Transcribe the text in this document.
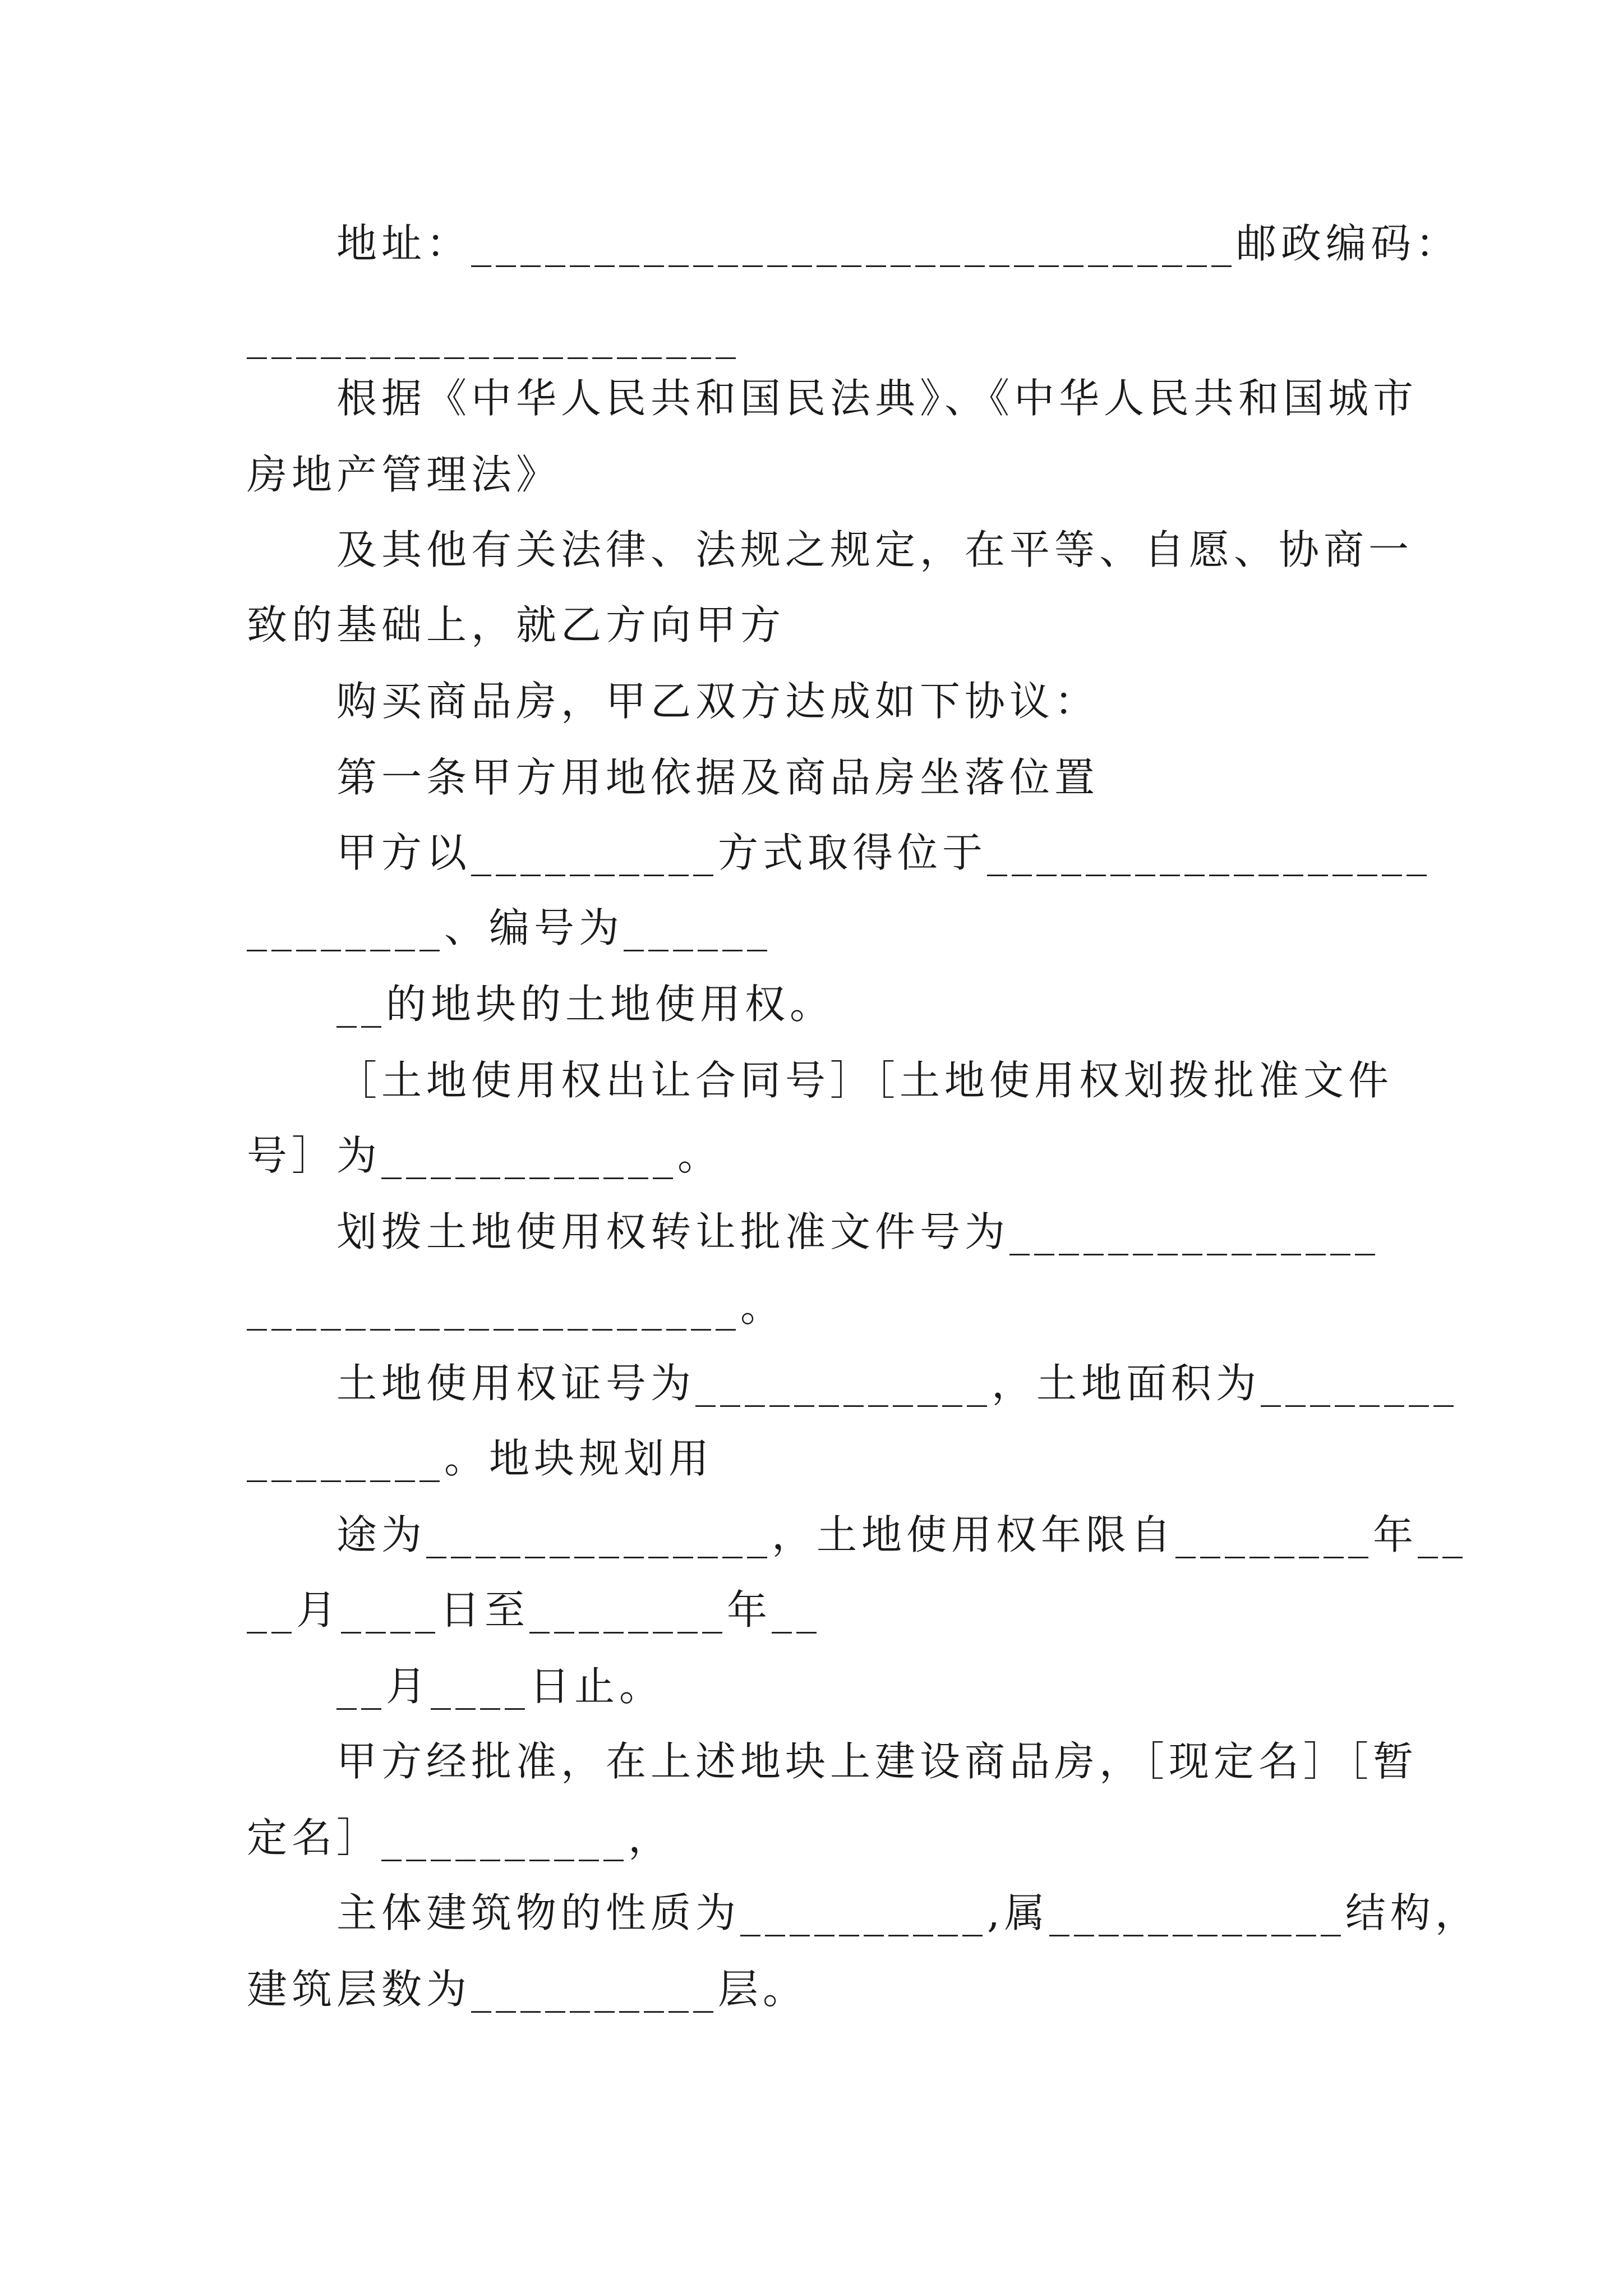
地址：_______________________________邮政编码：

____________________

根据《中华人民共和国民法典》、《中华人民共和国城市

房地产管理法》

及其他有关法律、法规之规定，在平等、自愿、协商一

致的基础上，就乙方向甲方

购买商品房，甲乙双方达成如下协议：

第一条甲方用地依据及商品房坐落位置

甲方以__________方式取得位于__________________

________、编号为______

__的地块的土地使用权。

［土地使用权出让合同号］［土地使用权划拨批准文件

号］为____________。

划拨土地使用权转让批准文件号为_______________

____________________。

土地使用权证号为____________，土地面积为________

________。地块规划用

途为______________，土地使用权年限自________年__

__月____日至________年__

__月____日止。

甲方经批准，在上述地块上建设商品房，［现定名］［暂

定名］__________，

主体建筑物的性质为__________,属____________结构，

建筑层数为__________层。
